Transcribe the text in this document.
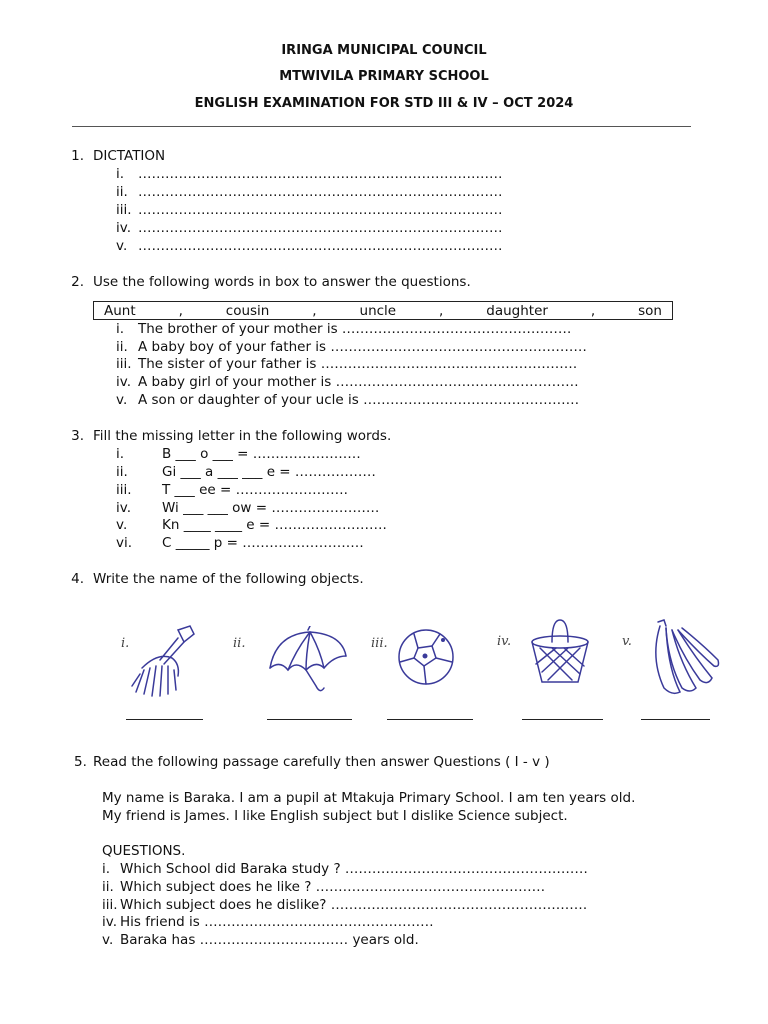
IRINGA MUNICIPAL COUNCIL
MTWIVILA PRIMARY SCHOOL
ENGLISH EXAMINATION FOR STD III & IV – OCT 2024
1. DICTATION
i. ………………………………………………………………………
ii. ………………………………………………………………………
iii. ………………………………………………………………………
iv. ………………………………………………………………………
v. ………………………………………………………………………
2. Use the following words in box to answer the questions.
Aunt	,	cousin	,	uncle	,	daughter	,	son
i. The brother of your mother is ……………………………………………
ii. A baby boy of your father is …………………………………………………
iii. The sister of your father is …………………………………………………
iv. A baby girl of your mother is ………………………………………………
v. A son or daughter of your ucle is …………………………………………
3. Fill the missing letter in the following words.
i.	B ___ o ___ = ……………………
ii.	Gi ___ a ___ ___ e = ………………
iii. T ___ ee = …………………….
iv. Wi ___ ___ ow = ……………………
v.	Kn ____ ____ e = …………………….
vi. C _____ p = ………………………
4. Write the name of the following objects.
i.	ii.	iii.	iv.	v.
5. Read the following passage carefully then answer Questions ( I - v )
My name is Baraka. I am a pupil at Mtakuja Primary School. I am ten years old.
My friend is James. I like English subject but I dislike Science subject.
QUESTIONS.
i. Which School did Baraka study ? ………………………………………………
ii. Which subject does he like ? ……………………………………………
iii. Which subject does he dislike? …………………………………………………
iv. His friend is ……………………………………………
v. Baraka has …………………………… years old.
